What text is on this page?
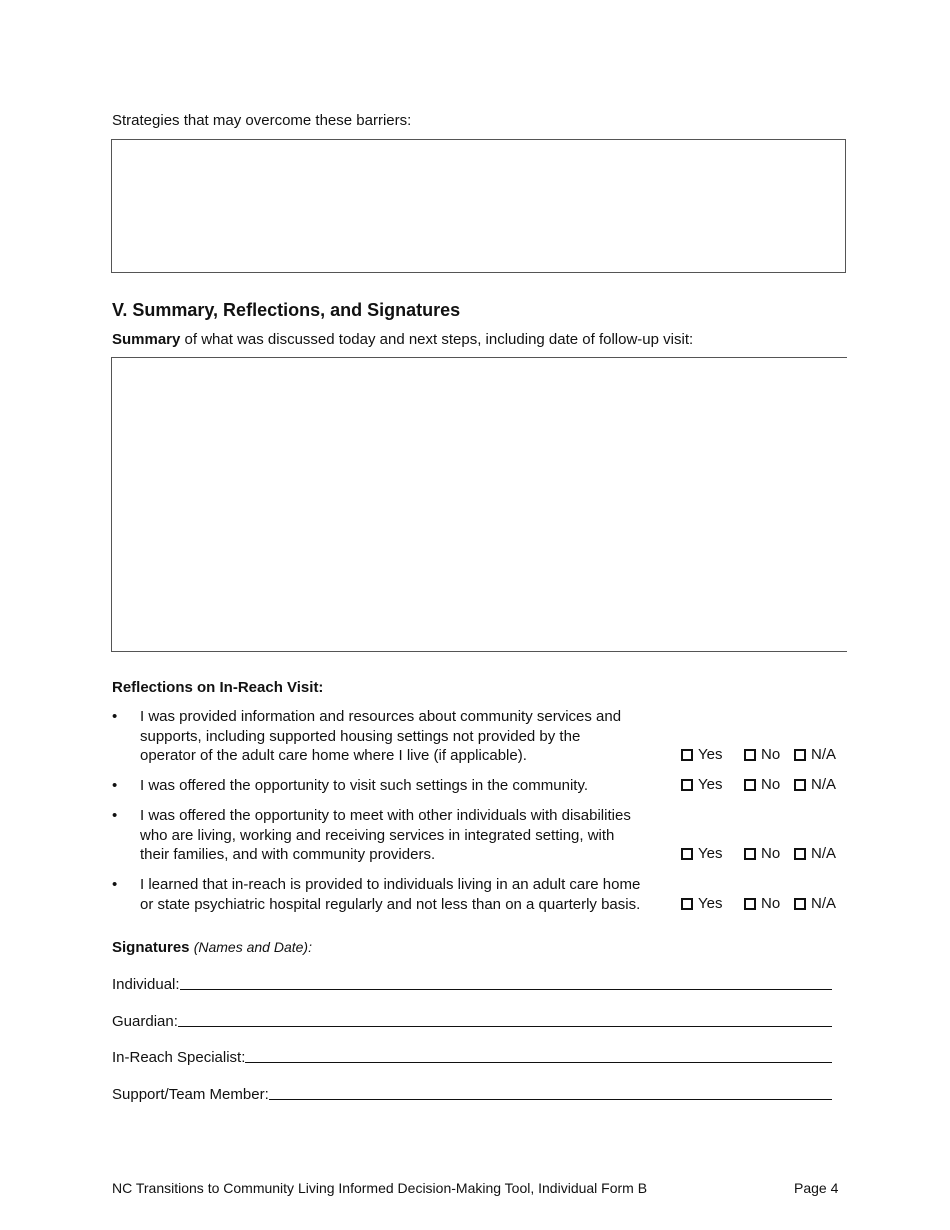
Strategies that may overcome these barriers:
V. Summary, Reflections, and Signatures
Summary of what was discussed today and next steps, including date of follow-up visit:
Reflections on In-Reach Visit:
• I was provided information and resources about community services and
supports, including supported housing settings not provided by the
operator of the adult care home where I live (if applicable).	Yes	No N/A
• I was offered the opportunity to visit such settings in the community.	Yes	No N/A
• I was offered the opportunity to meet with other individuals with disabilities
who are living, working and receiving services in integrated setting, with
their families, and with community providers.	Yes	No N/A
• I learned that in-reach is provided to individuals living in an adult care home
or state psychiatric hospital regularly and not less than on a quarterly basis.	Yes	No N/A
Signatures (Names and Date):
Individual:
Guardian:
In-Reach Specialist:
Support/Team Member:
NC Transitions to Community Living Informed Decision-Making Tool, Individual Form B	Page 4
